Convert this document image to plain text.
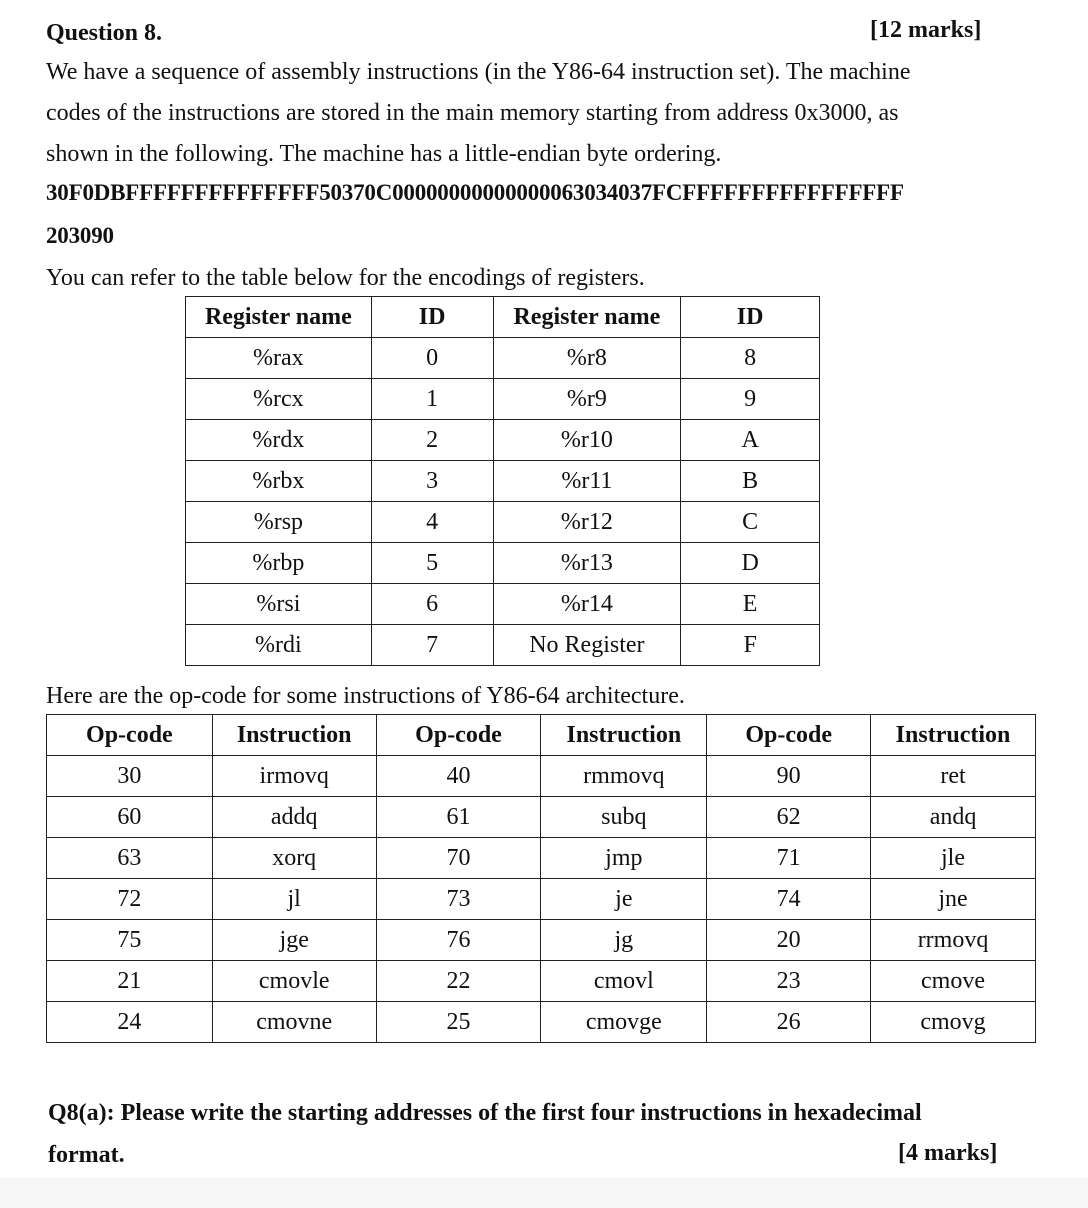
Question 8.	[12 marks]
We have a sequence of assembly instructions (in the Y86-64 instruction set). The machine
codes of the instructions are stored in the main memory starting from address 0x3000, as
shown in the following. The machine has a little-endian byte ordering.
30F0DBFFFFFFFFFFFFFF50370C00000000000000063034037FCFFFFFFFFFFFFFFFF
203090
You can refer to the table below for the encodings of registers.
Register name	ID	Register name	ID
%rax	0	%r8	8
%rcx	1	%r9	9
%rdx	2	%r10	A
%rbx	3	%r11	B
%rsp	4	%r12	C
%rbp	5	%r13	D
%rsi	6	%r14	E
%rdi	7	No Register	F
Here are the op-code for some instructions of Y86-64 architecture.
Op-code	Instruction	Op-code	Instruction	Op-code	Instruction
30	irmovq	40	rmmovq	90	ret
60	addq	61	subq	62	andq
63	xorq	70	jmp	71	jle
72	jl	73	je	74	jne
75	jge	76	jg	20	rrmovq
21	cmovle	22	cmovl	23	cmove
24	cmovne	25	cmovge	26	cmovg
Q8(a): Please write the starting addresses of the first four instructions in hexadecimal
format.	[4 marks]
